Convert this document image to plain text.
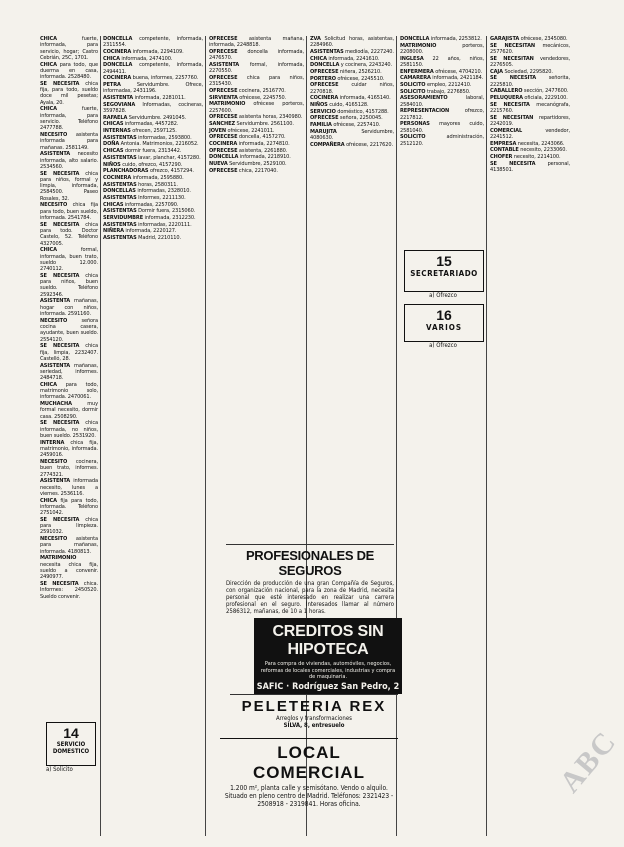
CHICA fuerte, informada, para servicio, hogar; Castro Cebrián, 25C, 1701.

CHICA para todo, que duerma en casa, informada. 2528480.

SE NECESITA chica fija, para todo, sueldo doce mil pesetas; Ayala, 20.

CHICA fuerte, informada, para servicio. Teléfono 2477788.

NECESITO asistenta informada para mañanas. 2581149.

ASISTENTA necesito informada, alto salario. 2534560.

SE NECESITA chica para niños, formal y limpia, informada, 2584500. Paseo Rosales, 32.

NECESITO chica fija para todo, buen sueldo, informada. 2541784.

SE NECESITA chica para todo. Doctor Castelo, 52. Teléfono 4327005.

CHICA formal, informada, buen trato, sueldo 12.000. 2740112.

SE NECESITA chica para niños, buen sueldo. Teléfono 2592346.

ASISTENTA mañanas, hogar con niños, informada. 2591160.

NECESITO señora cocina casera, ayudante, buen sueldo. 2554120.

SE NECESITA chica fija, limpia, 2232407. Castelló, 28.

ASISTENTA mañanas, seriedad, informes. 2484718.

CHICA para todo, matrimonio solo, informada. 2470061.

MUCHACHA muy formal necesito, dormir casa. 2508290.

SE NECESITA chica informada, no niños, buen sueldo. 2531920.

INTERNA chica fija, matrimonio, informada. 2459016.

NECESITO cocinera, buen trato, informes. 2774321.

ASISTENTA informada necesito, lunes a viernes. 2536116.

CHICA fija para todo, informada. Teléfono 2751042.

SE NECESITA chica para limpieza. 2591032.

NECESITO asistenta para mañanas, informada. 4180813.

MATRIMONIO necesita chica fija, sueldo a convenir. 2490977.

SE NECESITA chica. Informes: 2450520. Sueldo convenir.

DONCELLA competente, informada, 2311554.

COCINERA informada, 2294109.

CHICA informada, 2474100.

DONCELLA competente, informada, 2494411.

COCINERA buena, informes, 2257760.

PETRA Servidumbre. Ofrece, informadas, 2431196.

ASISTENTA informada, 2281011.

SEGOVIANA Informadas, cocineras, 3597828.

RAFAELA Servidumbre. 2491045.

CHICAS informadas, 4457282.

INTERNAS ofrecen, 2597125.

ASISTENTAS informadas, 2593800.

DOÑA Antonia. Matrimonios, 2216052.

CHICAS dormir fuera, 2313442.

ASISTENTAS lavar, planchar, 4157280.

NIÑOS cuido, ofrezco, 4157290.

PLANCHADORAS ofrezco, 4157294.

COCINERA informada, 2595880.

ASISTENTAS horas, 2580311.

DONCELLAS informadas, 2328010.

ASISTENTAS Informes, 2211130.

CHICAS informadas, 2257090.

ASISTENTAS Dormir fuera, 2315060.

SERVIDUMBRE informada, 2312230.

ASISTENTAS informadas, 2220111.

NIÑERA informada, 2220127.

ASISTENTAS Madrid, 2210110.

OFRECESE asistenta mañana, informada, 2248818.

OFRECESE doncella informada, 2476570.

ASISTENTA formal, informada, 2270550.

OFRECESE chica para niños, 2315430.

OFRECESE cocinera, 2516770.

SIRVIENTA ofrécese, 2245750.

MATRIMONIO ofrécese porteros, 2257600.

OFRECESE asistenta horas, 2340980.

SANCHEZ Servidumbre. 2561100.

JOVEN ofrécese, 2241011.

OFRECESE doncella, 4157270.

COCINERA informada, 2274810.

OFRECESE asistenta, 2261880.

DONCELLA informada, 2218910.

NUEVA Servidumbre, 2529100.

OFRECESE chica, 2217040.

ZVA Solicitud horas, asistentas, 2284960.

ASISTENTAS mediodía, 2227240.

CHICA informada, 2241610.

DONCELLA y cocinera, 2243240.

OFRECESE niñera, 2526210.

PORTERO ofrécese, 2245510.

OFRECESE cuidar niños, 2270818.

COCINERA informada, 4165140.

NIÑOS cuido, 4165128.

SERVICIO doméstico, 4157288.

OFRECESE señora, 2250045.

FAMILIA ofrécese, 2257410.

MARUJITA Servidumbre, 4080630.

COMPAÑERA ofrécese, 2217620.

DONCELLA informada, 2253812.

MATRIMONIO porteros, 2208000.

INGLESA 22 años, niños, 2581150.

ENFERMERA ofrécese, 4704210.

CAMARERA informada, 2421184.

SOLICITO empleo, 2212410.

SOLICITO trabajo, 2276850.

ASESORAMIENTO laboral, 2584010.

REPRESENTACION ofrezco, 2217812.

PERSONAS mayores cuido, 2581040.

SOLICITO administración, 2512120.

GARAJISTA ofrécese, 2345080.

SE NECESITAN mecánicos, 2577620.

SE NECESITAN vendedores, 2276505.

CAJA Sociedad, 2295820.

SE NECESITA señorita, 2225810.

CABALLERO sección, 2477600.

PELUQUERA oficiala, 2229100.

SE NECESITA mecanógrafa, 2215760.

SE NECESITAN repartidores, 2242019.

COMERCIAL vendedor, 2241512.

EMPRESA necesita, 2243066.

CONTABLE necesito, 2233060.

CHOFER necesito, 2214100.

SE NECESITA personal, 4138501.

14
SERVICIO DOMESTICO
a) Solicito
15
SECRETARIADO
a) Ofrezco
16
VARIOS
a) Ofrezco
PROFESIONALES DE SEGUROS

Dirección de producción de una gran Compañía de Seguros, con organización nacional, para la zona de Madrid, necesita personal que esté interesado en realizar una carrera profesional en el seguro. Interesados llamar al número 2586312, mañanas, de 10 a 1 horas.

CREDITOS SIN HIPOTECA

Para compra de viviendas, automóviles, negocios, reformas de locales comerciales, industrias y compra de maquinaria.

SAFIC · Rodríguez San Pedro, 2
PELETERIA REX
Arreglos y transformaciones
SILVA, 8, entresuelo
LOCAL COMERCIAL

1.200 m², planta calle y semisótano. Vendo o alquilo. Situado en pleno centro de Madrid. Teléfonos: 2321423 - 2508918 - 2319841. Horas oficina.

ABC
